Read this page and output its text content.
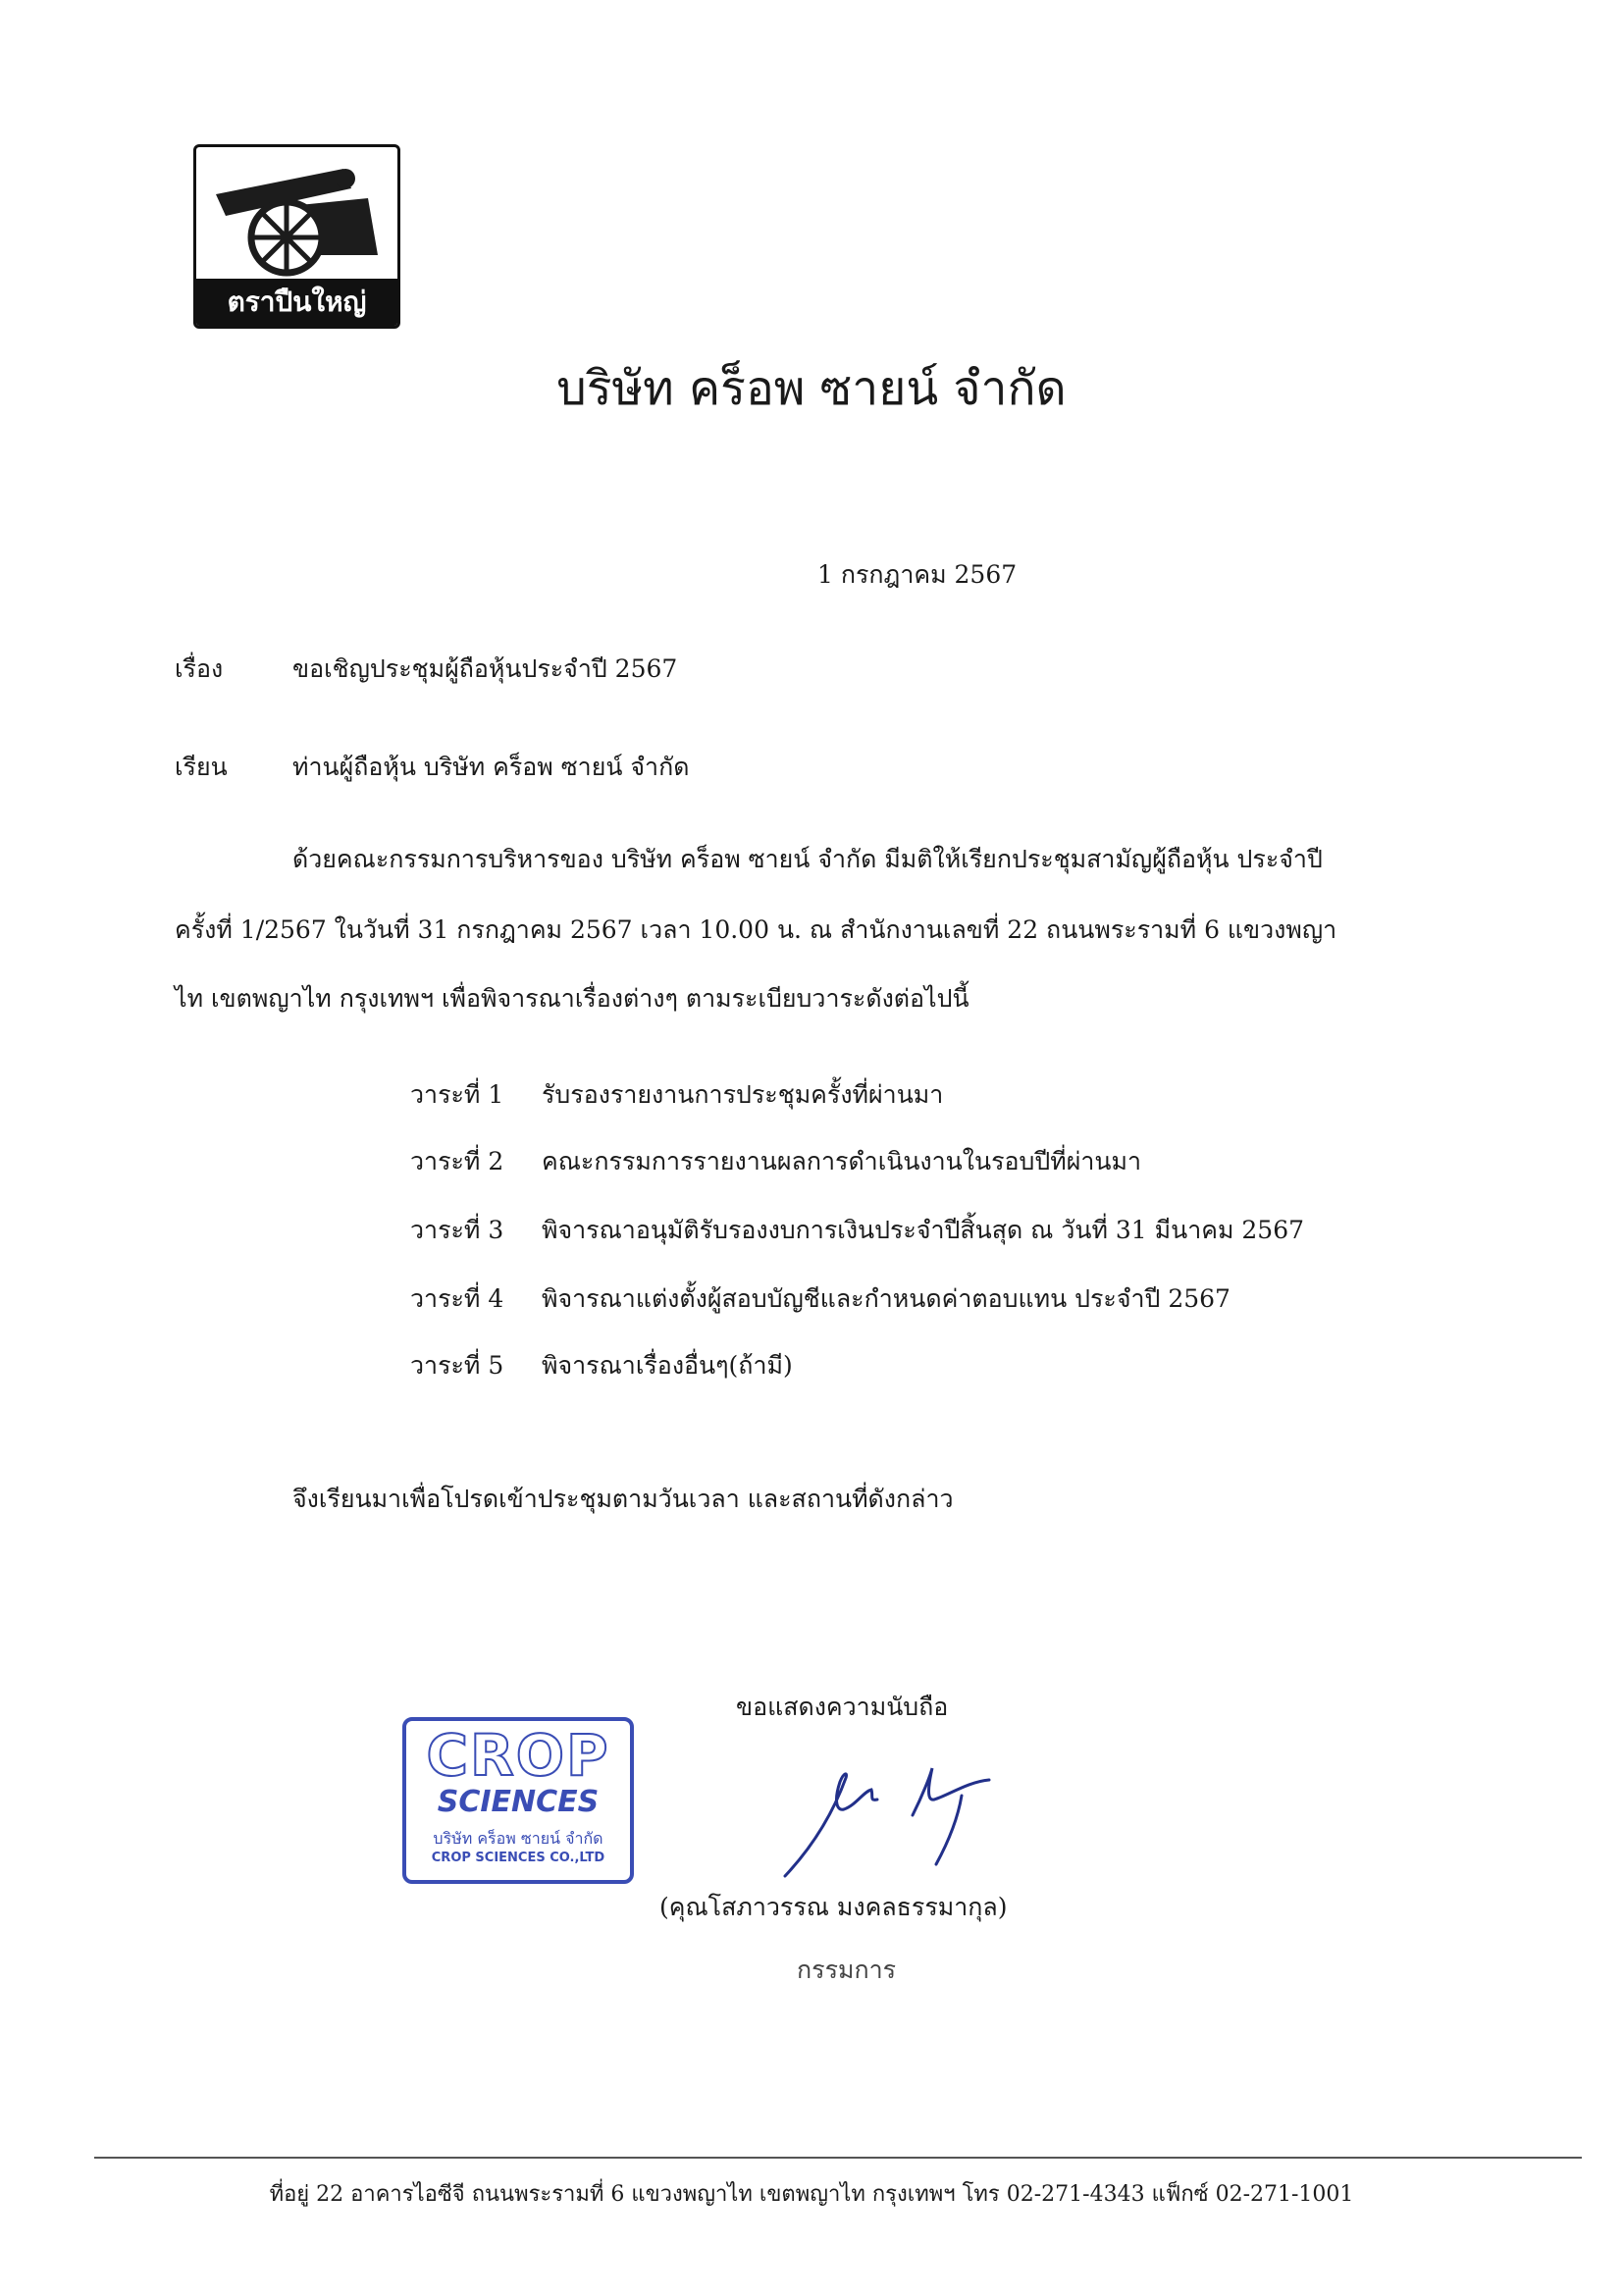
ตราปืนใหญ่
บริษัท คร็อพ ซายน์ จำกัด
1 กรกฎาคม 2567
เรื่อง	ขอเชิญประชุมผู้ถือหุ้นประจำปี 2567
เรียน	ท่านผู้ถือหุ้น บริษัท คร็อพ ซายน์ จำกัด
ด้วยคณะกรรมการบริหารของ บริษัท คร็อพ ซายน์ จำกัด มีมติให้เรียกประชุมสามัญผู้ถือหุ้น ประจำปี
ครั้งที่ 1/2567 ในวันที่ 31 กรกฎาคม 2567 เวลา 10.00 น. ณ สำนักงานเลขที่ 22 ถนนพระรามที่ 6 แขวงพญา
ไท เขตพญาไท กรุงเทพฯ เพื่อพิจารณาเรื่องต่างๆ ตามระเบียบวาระดังต่อไปนี้
วาระที่ 1 รับรองรายงานการประชุมครั้งที่ผ่านมา
วาระที่ 2 คณะกรรมการรายงานผลการดำเนินงานในรอบปีที่ผ่านมา
วาระที่ 3 พิจารณาอนุมัติรับรองงบการเงินประจำปีสิ้นสุด ณ วันที่ 31 มีนาคม 2567
วาระที่ 4 พิจารณาแต่งตั้งผู้สอบบัญชีและกำหนดค่าตอบแทน ประจำปี 2567
วาระที่ 5 พิจารณาเรื่องอื่นๆ(ถ้ามี)
จึงเรียนมาเพื่อโปรดเข้าประชุมตามวันเวลา และสถานที่ดังกล่าว
ขอแสดงความนับถือ
CROP
SCIENCES
บริษัท คร็อพ ซายน์ จำกัด
CROP SCIENCES CO.,LTD
(คุณโสภาวรรณ มงคลธรรมากุล)
กรรมการ
ที่อยู่ 22 อาคารไอซีจี ถนนพระรามที่ 6 แขวงพญาไท เขตพญาไท กรุงเทพฯ โทร 02-271-4343 แฟ็กซ์ 02-271-1001
